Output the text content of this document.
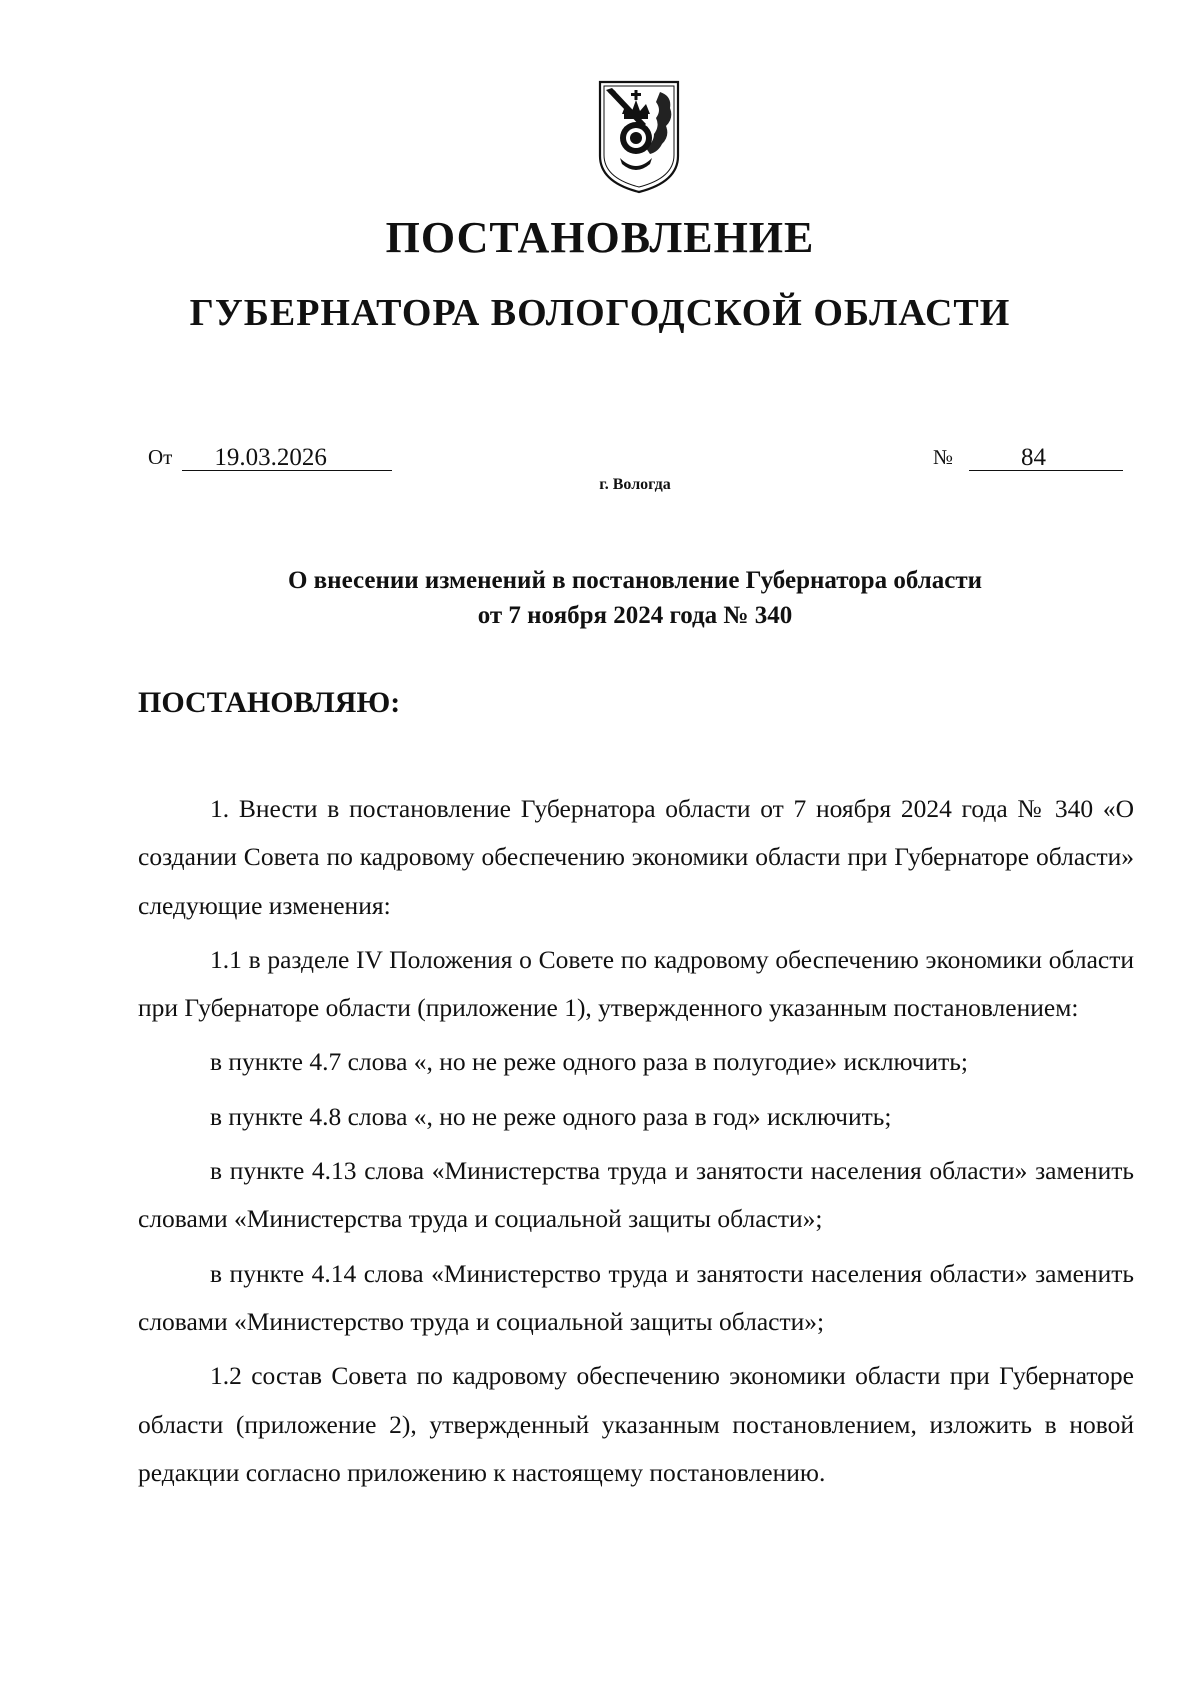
ПОСТАНОВЛЕНИЕ
ГУБЕРНАТОРА ВОЛОГОДСКОЙ ОБЛАСТИ
От 19.03.2026
г. Вологда
№	84
О внесении изменений в постановление Губернатора области
от 7 ноября 2024 года № 340
ПОСТАНОВЛЯЮ:

1. Внести в постановление Губернатора области от 7 ноября 2024 года № 340 «О создании Совета по кадровому обеспечению экономики области при Губернаторе области» следующие изменения:

1.1 в разделе IV Положения о Совете по кадровому обеспечению экономики области при Губернаторе области (приложение 1), утвержденного указанным постановлением:

в пункте 4.7 слова «, но не реже одного раза в полугодие» исключить;

в пункте 4.8 слова «, но не реже одного раза в год» исключить;

в пункте 4.13 слова «Министерства труда и занятости населения области» заменить словами «Министерства труда и социальной защиты области»;

в пункте 4.14 слова «Министерство труда и занятости населения области» заменить словами «Министерство труда и социальной защиты области»;

1.2 состав Совета по кадровому обеспечению экономики области при Губернаторе области (приложение 2), утвержденный указанным постановлением, изложить в новой редакции согласно приложению к настоящему постановлению.
